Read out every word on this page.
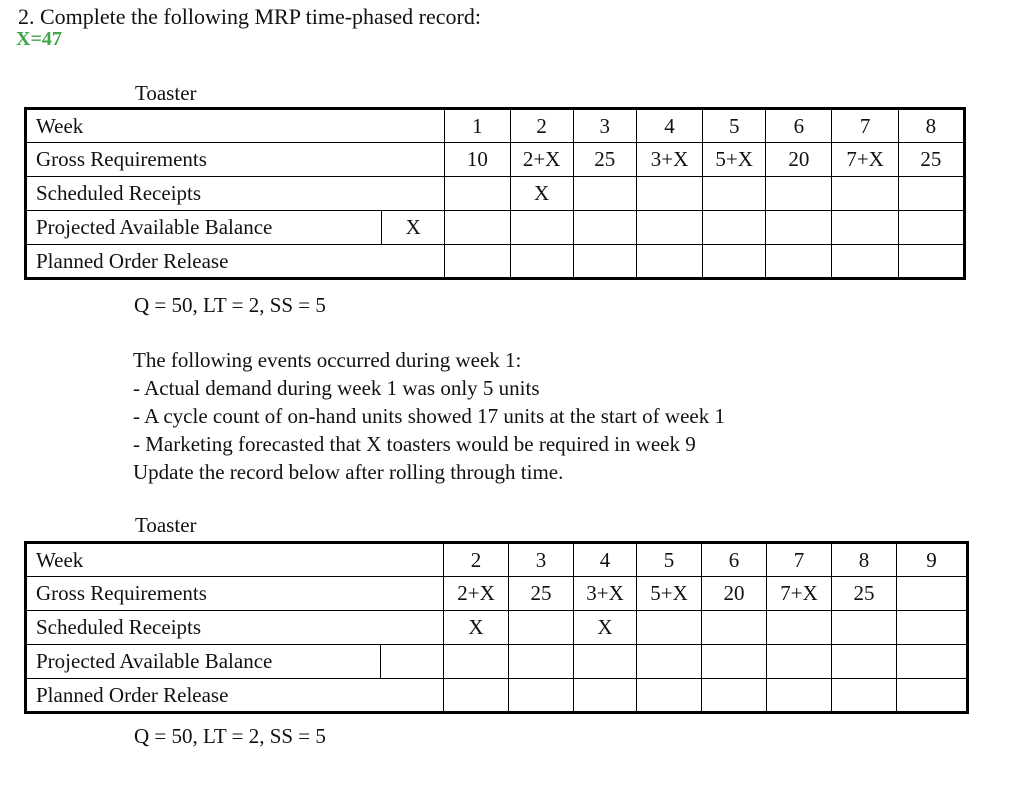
2. Complete the following MRP time-phased record:
X=47
Toaster
Week		1	2	3	4	5	6	7	8
Gross Requirements		10	2+X	25	3+X	5+X	20	7+X	25
Scheduled Receipts			X						
Projected Available Balance	X								
Planned Order Release									
Q = 50, LT = 2, SS = 5
The following events occurred during week 1:
- Actual demand during week 1 was only 5 units
- A cycle count of on-hand units showed 17 units at the start of week 1
- Marketing forecasted that X toasters would be required in week 9
Update the record below after rolling through time.
Toaster
Week		2	3	4	5	6	7	8	9
Gross Requirements		2+X	25	3+X	5+X	20	7+X	25	
Scheduled Receipts		X		X					
Projected Available Balance									
Planned Order Release									
Q = 50, LT = 2, SS = 5
